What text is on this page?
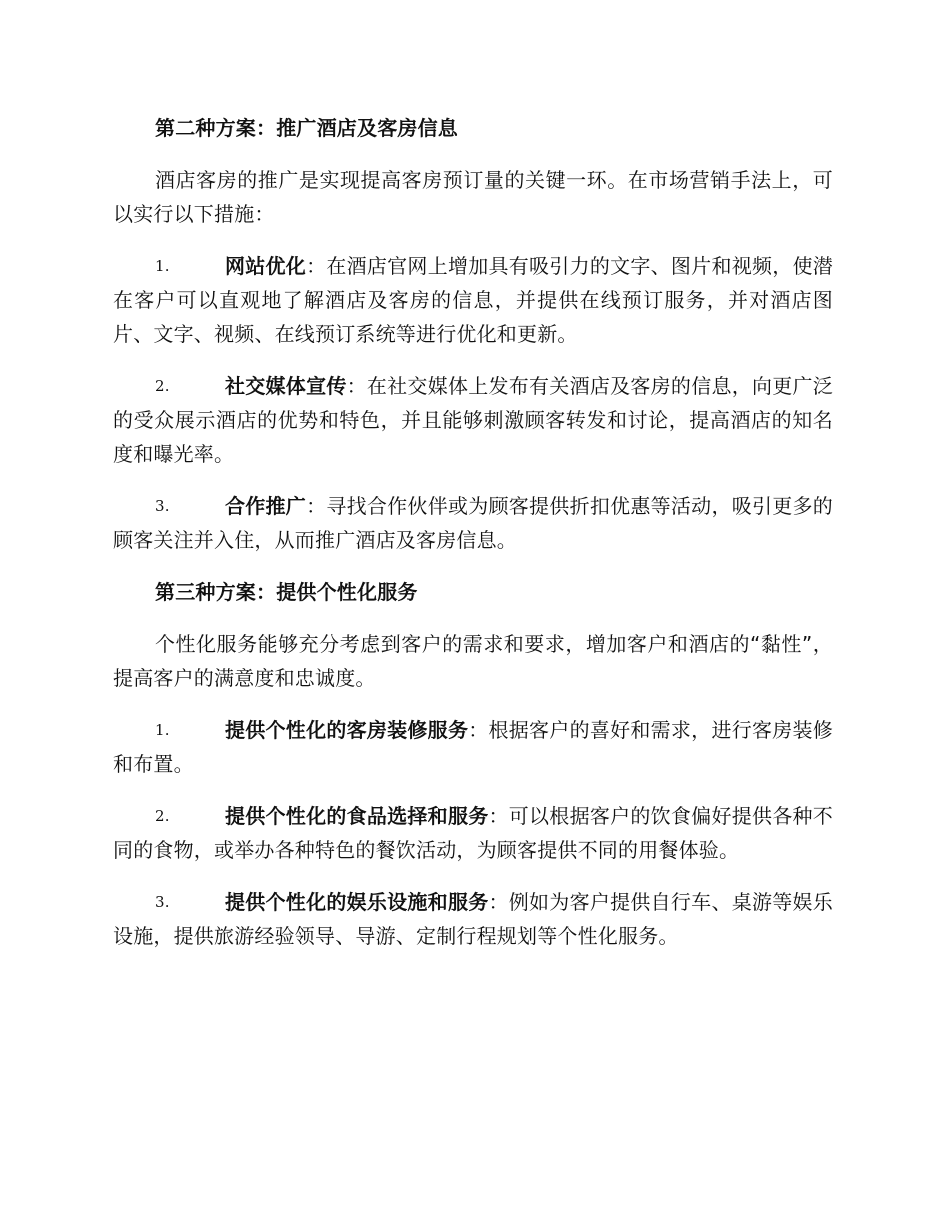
第二种方案：推广酒店及客房信息
酒店客房的推广是实现提高客房预订量的关键一环。在市场营销手法上，可以实行以下措施：
1.	网站优化：在酒店官网上增加具有吸引力的文字、图片和视频，使潜在客户可以直观地了解酒店及客房的信息，并提供在线预订服务，并对酒店图片、文字、视频、在线预订系统等进行优化和更新。
2.	社交媒体宣传：在社交媒体上发布有关酒店及客房的信息，向更广泛的受众展示酒店的优势和特色，并且能够刺激顾客转发和讨论，提高酒店的知名度和曝光率。
3.	合作推广：寻找合作伙伴或为顾客提供折扣优惠等活动，吸引更多的顾客关注并入住，从而推广酒店及客房信息。
第三种方案：提供个性化服务
个性化服务能够充分考虑到客户的需求和要求，增加客户和酒店的“黏性”，提高客户的满意度和忠诚度。
1.	提供个性化的客房装修服务：根据客户的喜好和需求，进行客房装修和布置。
2.	提供个性化的食品选择和服务：可以根据客户的饮食偏好提供各种不同的食物，或举办各种特色的餐饮活动，为顾客提供不同的用餐体验。
3.	提供个性化的娱乐设施和服务：例如为客户提供自行车、桌游等娱乐设施，提供旅游经验领导、导游、定制行程规划等个性化服务。
